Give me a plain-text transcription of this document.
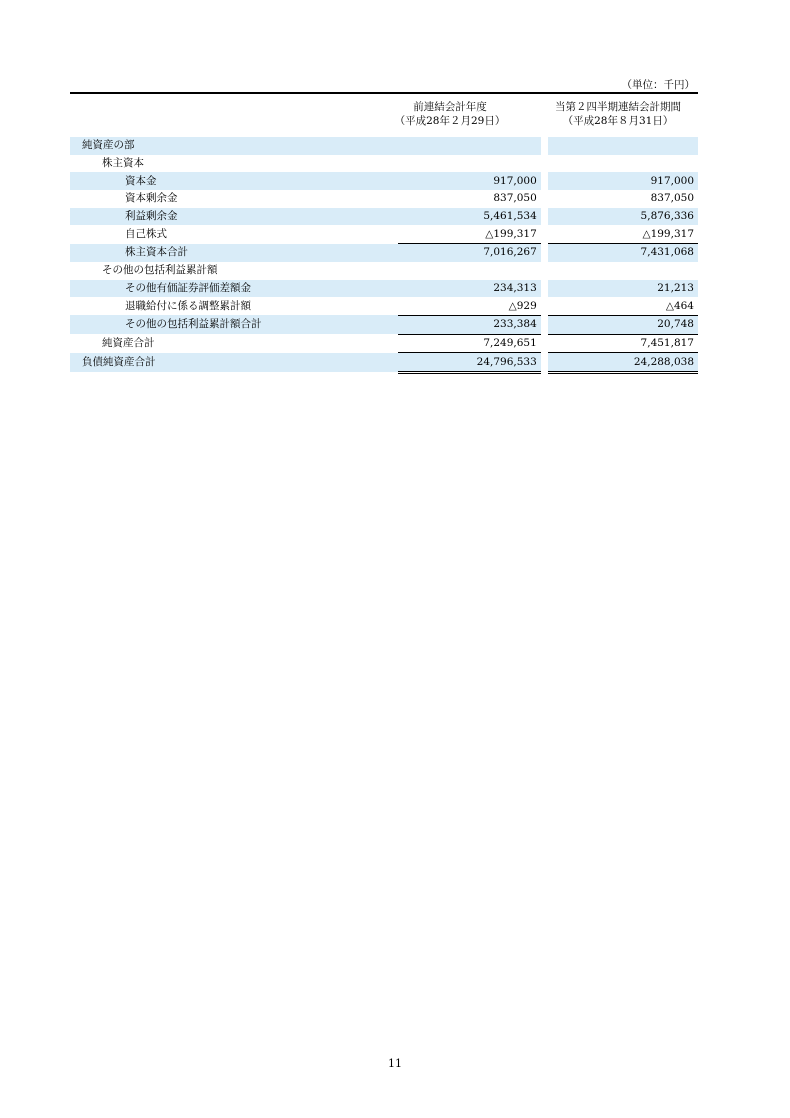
（単位：千円）
前連結会計年度
（平成28年２月29日）
当第２四半期連結会計期間
（平成28年８月31日）
純資産の部			
株主資本			
資本金	917,000		917,000
資本剰余金	837,050		837,050
利益剰余金	5,461,534		5,876,336
自己株式	△199,317		△199,317
株主資本合計	7,016,267		7,431,068
その他の包括利益累計額			
その他有価証券評価差額金	234,313		21,213
退職給付に係る調整累計額	△929		△464
その他の包括利益累計額合計	233,384		20,748
純資産合計	7,249,651		7,451,817
負債純資産合計	24,796,533		24,288,038
11
